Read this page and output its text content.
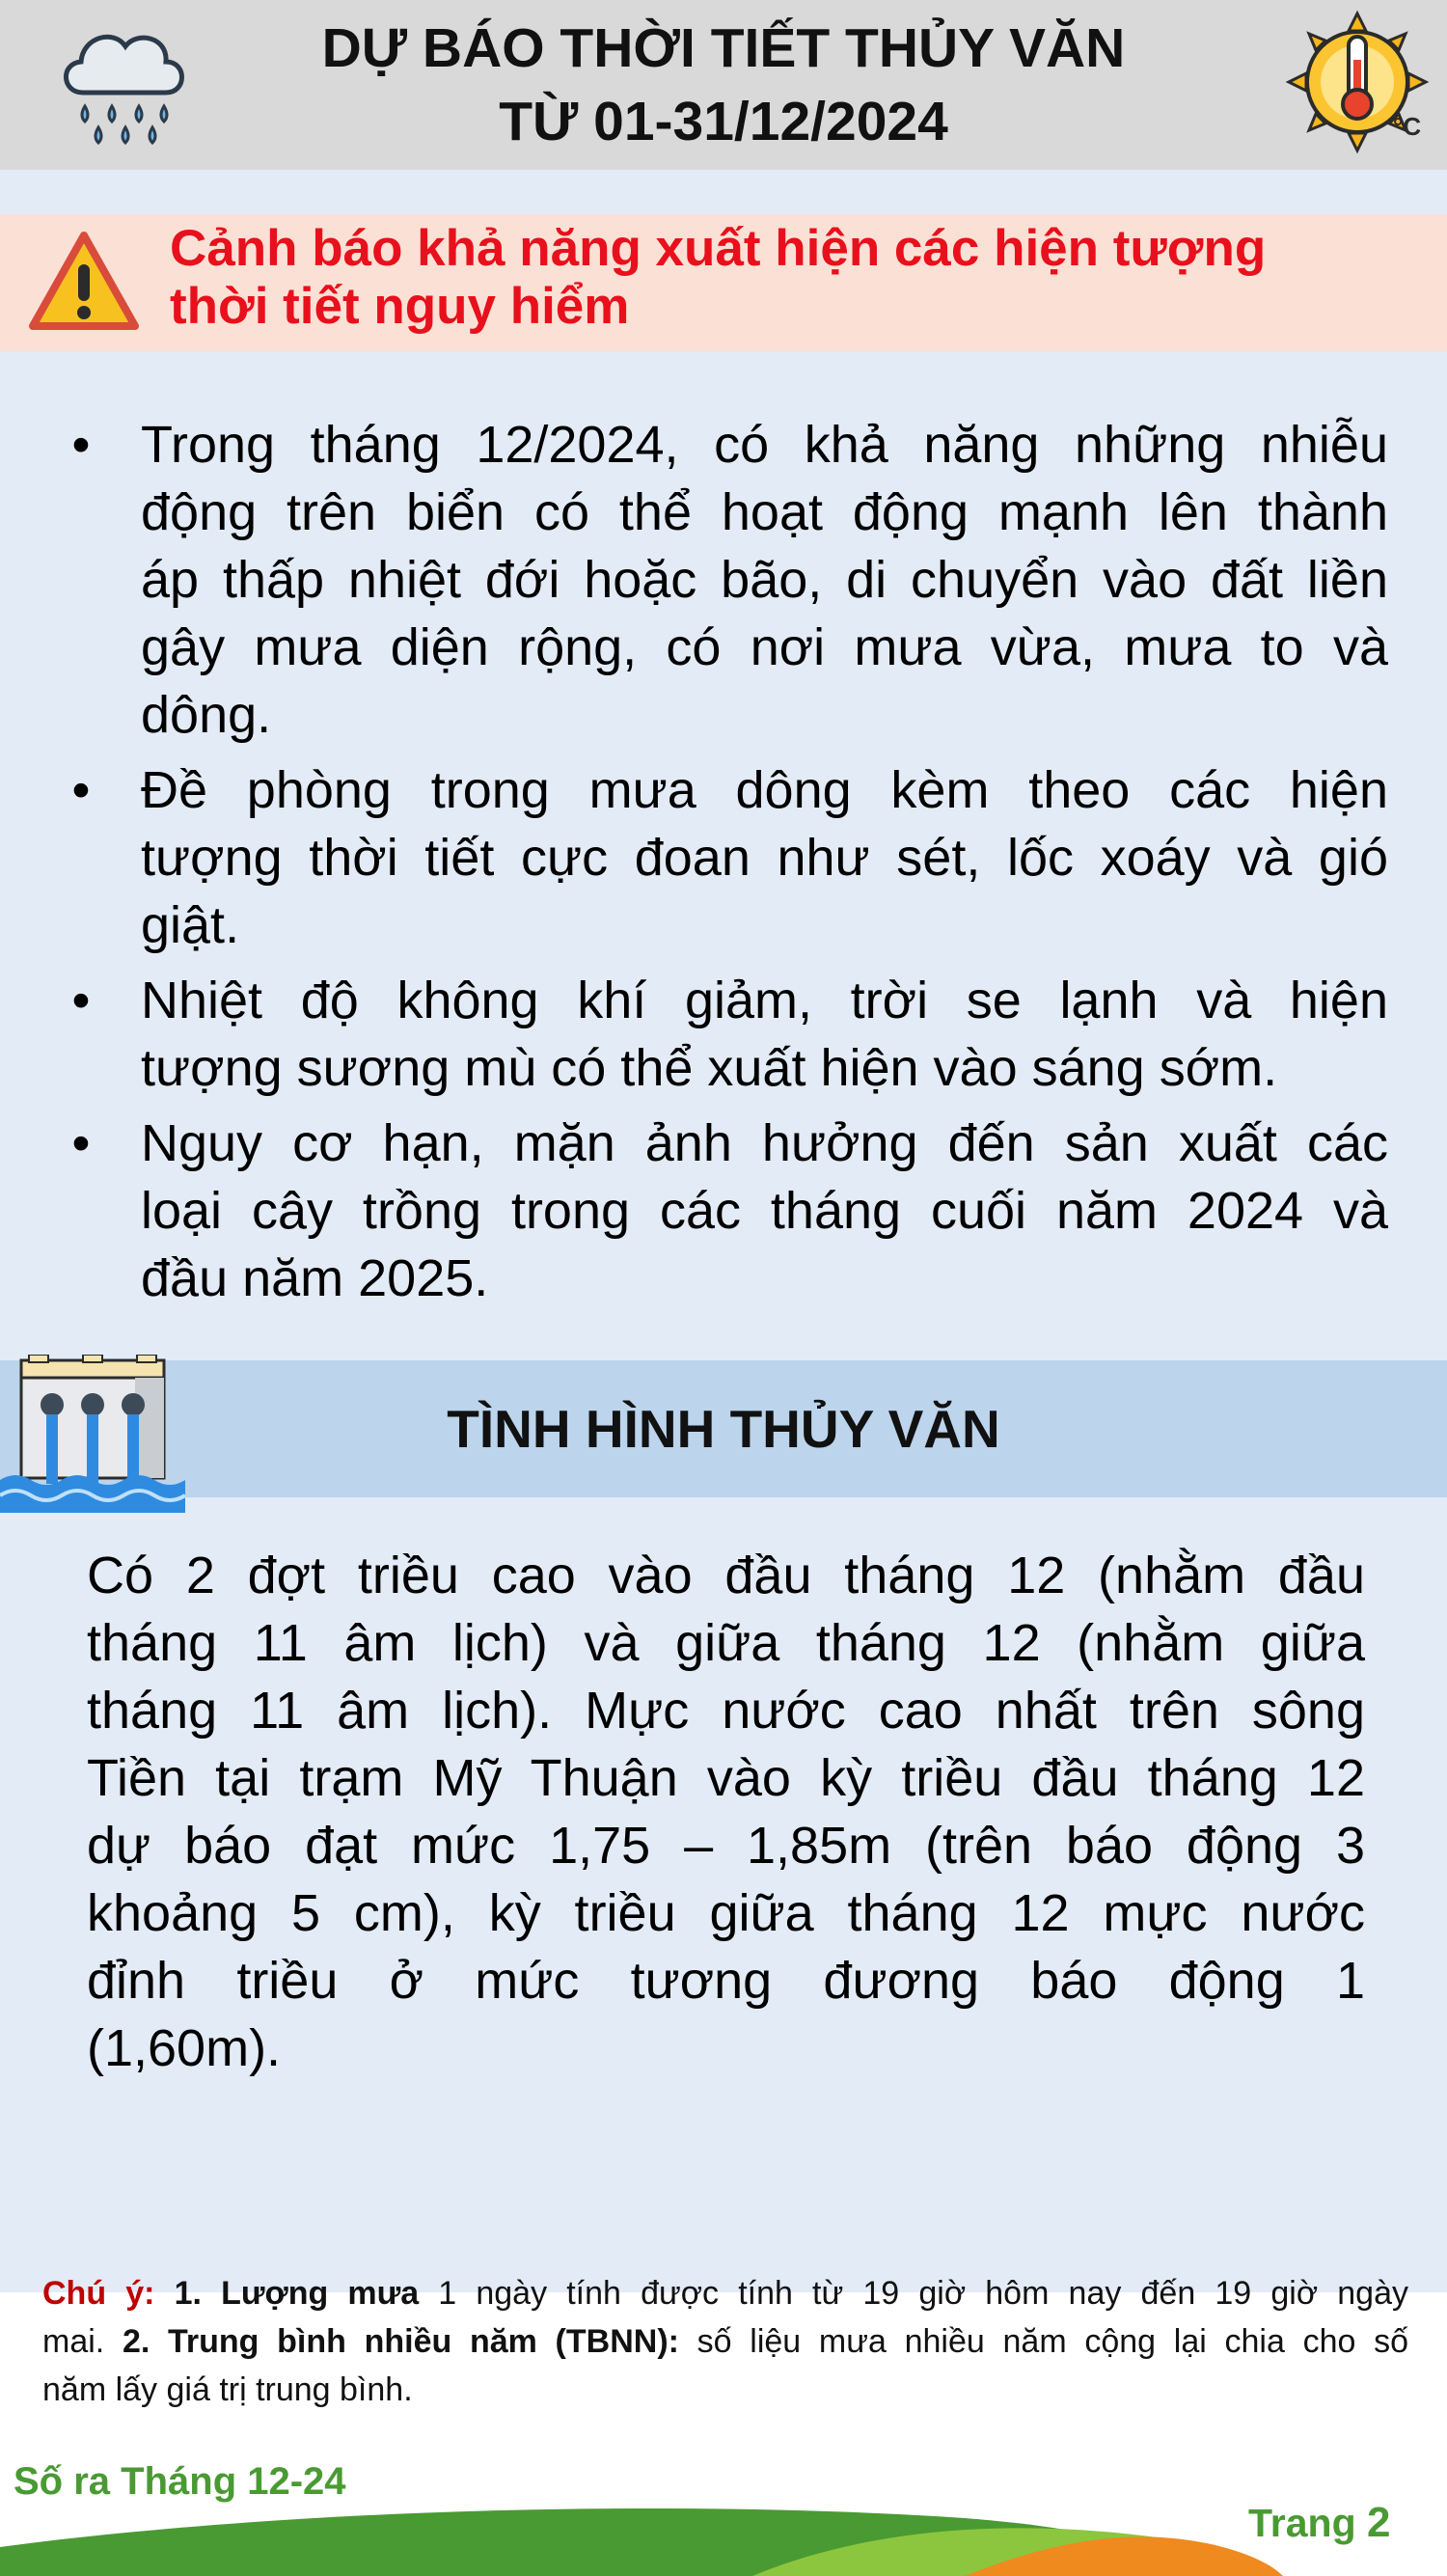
DỰ BÁO THỜI TIẾT THỦY VĂN
TỪ 01-31/12/2024	°C
Cảnh báo khả năng xuất hiện các hiện tượng
thời tiết nguy hiểm
• Trong tháng 12/2024, có khả năng những nhiễu
động trên biển có thể hoạt động mạnh lên thành
áp thấp nhiệt đới hoặc bão, di chuyển vào đất liền
gây mưa diện rộng, có nơi mưa vừa, mưa to và
dông.
• Đề phòng trong mưa dông kèm theo các hiện
tượng thời tiết cực đoan như sét, lốc xoáy và gió
giật.
• Nhiệt độ không khí giảm, trời se lạnh và hiện
tượng sương mù có thể xuất hiện vào sáng sớm.
• Nguy cơ hạn, mặn ảnh hưởng đến sản xuất các
loại cây trồng trong các tháng cuối năm 2024 và
đầu năm 2025.
TÌNH HÌNH THỦY VĂN
Có 2 đợt triều cao vào đầu tháng 12 (nhằm đầu
tháng 11 âm lịch) và giữa tháng 12 (nhằm giữa
tháng 11 âm lịch). Mực nước cao nhất trên sông
Tiền tại trạm Mỹ Thuận vào kỳ triều đầu tháng 12
dự báo đạt mức 1,75 – 1,85m (trên báo động 3
khoảng 5 cm), kỳ triều giữa tháng 12 mực nước
đỉnh triều ở mức tương đương báo động 1
(1,60m).
Chú ý: 1. Lượng mưa 1 ngày tính được tính từ 19 giờ hôm nay đến 19 giờ ngày
mai. 2. Trung bình nhiều năm (TBNN): số liệu mưa nhiều năm cộng lại chia cho số
năm lấy giá trị trung bình.
Số ra Tháng 12-24
Trang 2
